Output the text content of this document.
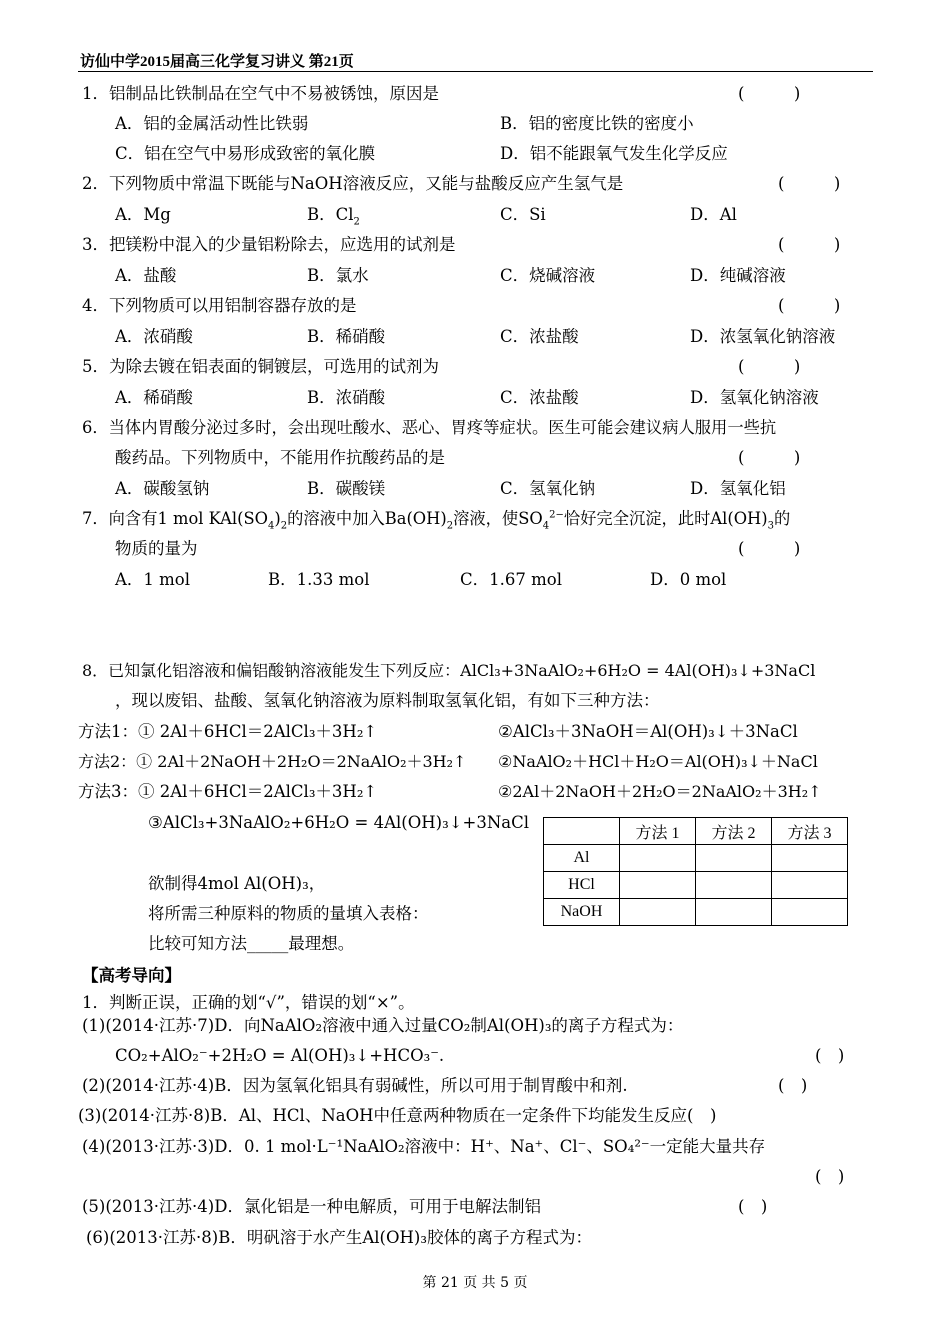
访仙中学2015届高三化学复习讲义 第21页
1．铝制品比铁制品在空气中不易被锈蚀，原因是	(　　　)
A．铝的金属活动性比铁弱	B．铝的密度比铁的密度小
C．铝在空气中易形成致密的氧化膜	D．铝不能跟氧气发生化学反应
2．下列物质中常温下既能与NaOH溶液反应，又能与盐酸反应产生氢气是	(　　　)
A．Mg	B．$Cl_2$	C．Si	D．Al
3．把镁粉中混入的少量铝粉除去，应选用的试剂是	(　　　)
A．盐酸	B．氯水	C．烧碱溶液	D．纯碱溶液
4．下列物质可以用铝制容器存放的是	(　　　)
A．浓硝酸	B．稀硝酸	C．浓盐酸	D．浓氢氧化钠溶液
5．为除去镀在铝表面的铜镀层，可选用的试剂为	(　　　)
A．稀硝酸	B．浓硝酸	C．浓盐酸	D．氢氧化钠溶液
6．当体内胃酸分泌过多时，会出现吐酸水、恶心、胃疼等症状。医生可能会建议病人服用一些抗
酸药品。下列物质中，不能用作抗酸药品的是	(　　　)
A．碳酸氢钠	B．碳酸镁	C．氢氧化钠	D．氢氧化铝
7．向含有1 mol $KAl(SO_4)_2$的溶液中加入$Ba(OH)_2$溶液，使$SO_4^{2-}$恰好完全沉淀，此时$Al(OH)_3$的
物质的量为	(　　　)
A．1 mol	B．1.33 mol	C．1.67 mol	D．0 mol
8．已知氯化铝溶液和偏铝酸钠溶液能发生下列反应：AlCl₃+3NaAlO₂+6H₂O = 4Al(OH)₃↓+3NaCl
，现以废铝、盐酸、氢氧化钠溶液为原料制取氢氧化铝，有如下三种方法：
方法1：① 2Al＋6HCl＝2AlCl₃＋3H₂↑	②AlCl₃＋3NaOH＝Al(OH)₃↓＋3NaCl
方法2：① 2Al＋2NaOH＋2H₂O＝2NaAlO₂＋3H₂↑ ②NaAlO₂＋HCl＋H₂O＝Al(OH)₃↓＋NaCl
方法3：① 2Al＋6HCl＝2AlCl₃＋3H₂↑	②2Al＋2NaOH＋2H₂O＝2NaAlO₂＋3H₂↑
③AlCl₃+3NaAlO₂+6H₂O = 4Al(OH)₃↓+3NaCl
	方法 1	方法 2	方法 3
Al			
HCl			
NaOH			
欲制得4mol Al(OH)₃，
将所需三种原料的物质的量填入表格：
比较可知方法_____最理想。
【高考导向】
1．判断正误，正确的划“√”，错误的划“×”。
(1)(2014·江苏·7)D．向NaAlO₂溶液中通入过量CO₂制Al(OH)₃的离子方程式为：
CO₂+AlO₂⁻+2H₂O = Al(OH)₃↓+HCO₃⁻.	(　)
(2)(2014·江苏·4)B．因为氢氧化铝具有弱碱性，所以可用于制胃酸中和剂.	(　)
(3)(2014·江苏·8)B．Al、HCl、NaOH中任意两种物质在一定条件下均能发生反应(　)
(4)(2013·江苏·3)D．0. 1 mol·L⁻¹NaAlO₂溶液中：H⁺、Na⁺、Cl⁻、SO₄²⁻一定能大量共存
(　)
(5)(2013·江苏·4)D．氯化铝是一种电解质，可用于电解法制铝	(　)
(6)(2013·江苏·8)B．明矾溶于水产生Al(OH)₃胶体的离子方程式为：
第 21 页 共 5 页
